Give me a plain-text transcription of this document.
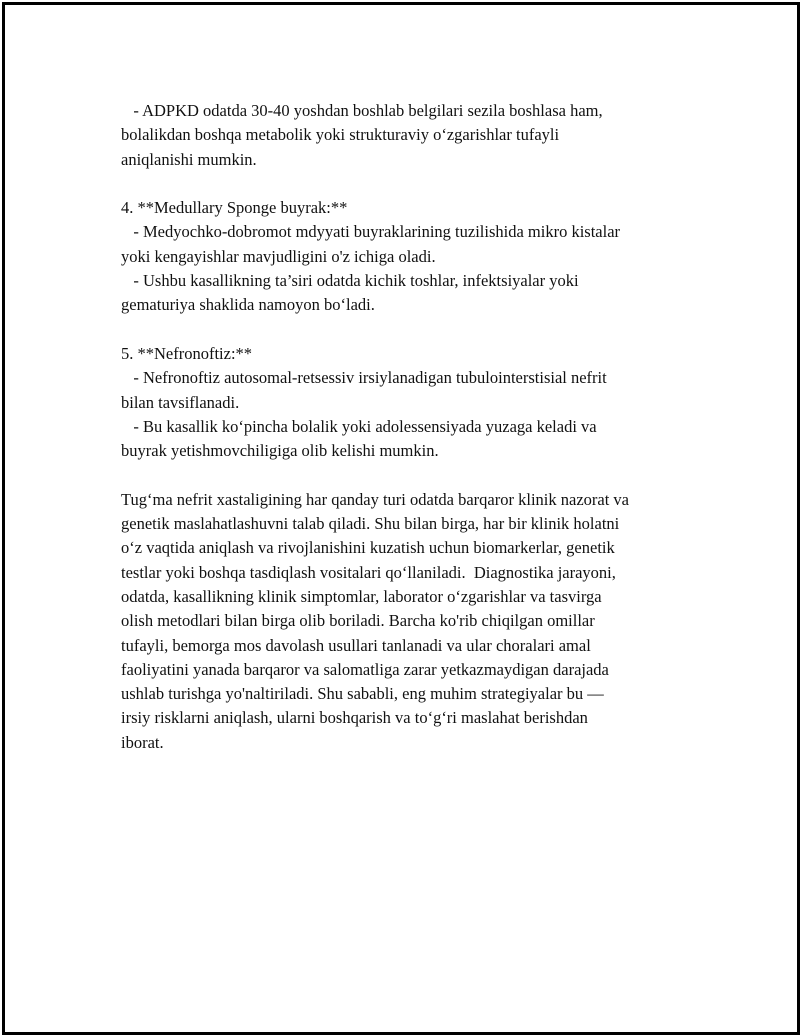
- ADPKD odatda 30-40 yoshdan boshlab belgilari sezila boshlasa ham,
bolalikdan boshqa metabolik yoki strukturaviy o‘zgarishlar tufayli
aniqlanishi mumkin.
4. **Medullary Sponge buyrak:**
- Medyochko-dobromot mdyyati buyraklarining tuzilishida mikro kistalar
yoki kengayishlar mavjudligini o'z ichiga oladi.
- Ushbu kasallikning ta’siri odatda kichik toshlar, infektsiyalar yoki
gematuriya shaklida namoyon bo‘ladi.
5. **Nefronoftiz:**
- Nefronoftiz autosomal-retsessiv irsiylanadigan tubulointerstisial nefrit
bilan tavsiflanadi.
- Bu kasallik ko‘pincha bolalik yoki adolessensiyada yuzaga keladi va
buyrak yetishmovchiligiga olib kelishi mumkin.
Tug‘ma nefrit xastaligining har qanday turi odatda barqaror klinik nazorat va
genetik maslahatlashuvni talab qiladi. Shu bilan birga, har bir klinik holatni
o‘z vaqtida aniqlash va rivojlanishini kuzatish uchun biomarkerlar, genetik
testlar yoki boshqa tasdiqlash vositalari qo‘llaniladi.  Diagnostika jarayoni,
odatda, kasallikning klinik simptomlar, laborator o‘zgarishlar va tasvirga
olish metodlari bilan birga olib boriladi. Barcha ko'rib chiqilgan omillar
tufayli, bemorga mos davolash usullari tanlanadi va ular choralari amal
faoliyatini yanada barqaror va salomatliga zarar yetkazmaydigan darajada
ushlab turishga yo'naltiriladi. Shu sababli, eng muhim strategiyalar bu —
irsiy risklarni aniqlash, ularni boshqarish va to‘g‘ri maslahat berishdan
iborat.
